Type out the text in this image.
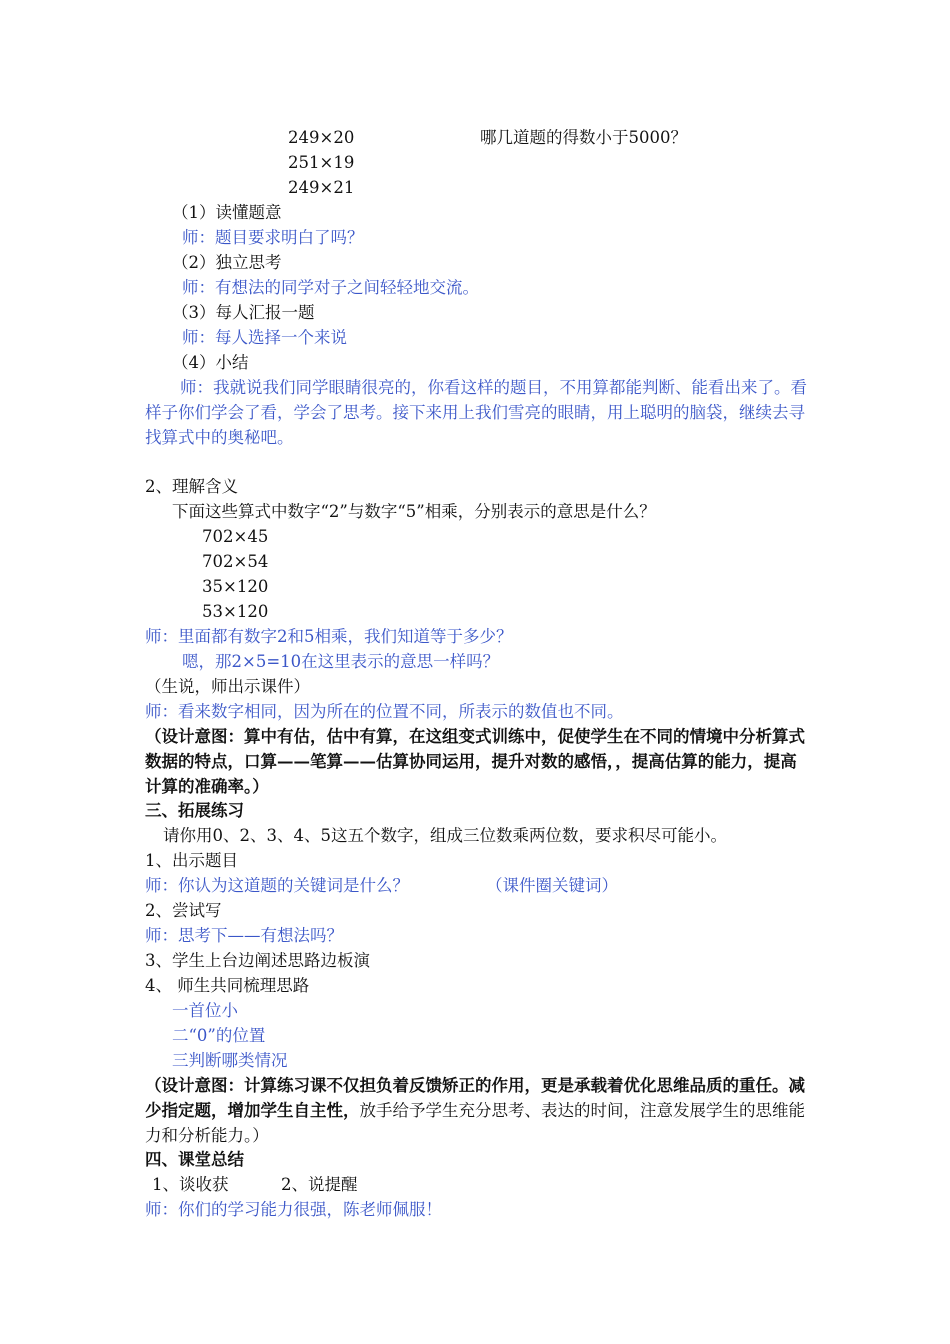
249×20	哪几道题的得数小于5000？
251×19
249×21
（1）读懂题意
师：题目要求明白了吗？
（2）独立思考
师：有想法的同学对子之间轻轻地交流。
（3）每人汇报一题
师：每人选择一个来说
（4）小结
师：我就说我们同学眼睛很亮的，你看这样的题目，不用算都能判断、能看出来了。看样子你们学会了看，学会了思考。接下来用上我们雪亮的眼睛，用上聪明的脑袋，继续去寻找算式中的奥秘吧。
2、理解含义
下面这些算式中数字“2”与数字“5”相乘，分别表示的意思是什么？
702×45
702×54
35×120
53×120
师：里面都有数字2和5相乘，我们知道等于多少？
嗯，那2×5=10在这里表示的意思一样吗？
（生说，师出示课件）
师：看来数字相同，因为所在的位置不同，所表示的数值也不同。
（设计意图：算中有估，估中有算，在这组变式训练中，促使学生在不同的情境中分析算式数据的特点，口算——笔算——估算协同运用，提升对数的感悟，，提高估算的能力，提高计算的准确率。）
三、拓展练习
请你用0、2、3、4、5这五个数字，组成三位数乘两位数，要求积尽可能小。
1、出示题目
师：你认为这道题的关键词是什么？	（课件圈关键词）
2、尝试写
师：思考下——有想法吗？
3、学生上台边阐述思路边板演
4、 师生共同梳理思路
一首位小
二“0”的位置
三判断哪类情况
（设计意图：计算练习课不仅担负着反馈矫正的作用，更是承载着优化思维品质的重任。减少指定题，增加学生自主性，放手给予学生充分思考、表达的时间，注意发展学生的思维能力和分析能力。）
四、课堂总结
1、谈收获          2、说提醒
师：你们的学习能力很强，陈老师佩服！
